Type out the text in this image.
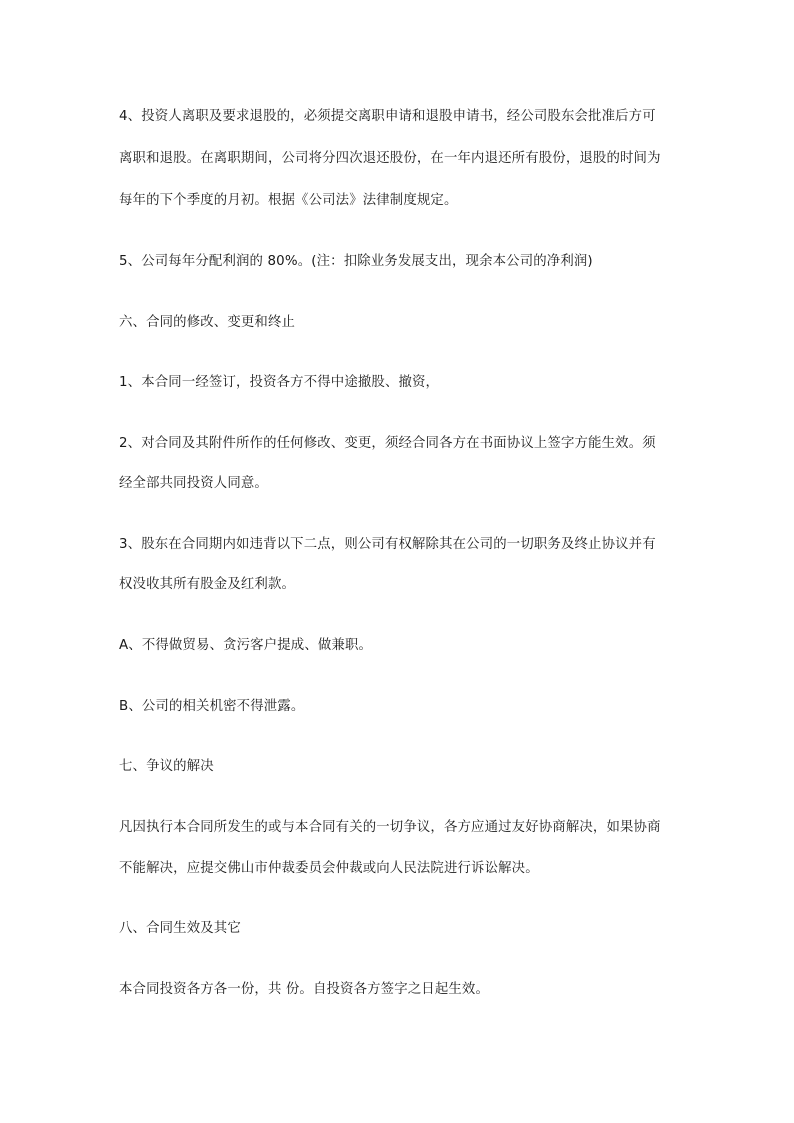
4、投资人离职及要求退股的，必须提交离职申请和退股申请书，经公司股东会批准后方可
离职和退股。在离职期间，公司将分四次退还股份，在一年内退还所有股份，退股的时间为
每年的下个季度的月初。根据《公司法》法律制度规定。
5、公司每年分配利润的 80%。(注：扣除业务发展支出，现余本公司的净利润)
六、合同的修改、变更和终止
1、本合同一经签订，投资各方不得中途撤股、撤资，
2、对合同及其附件所作的任何修改、变更，须经合同各方在书面协议上签字方能生效。须
经全部共同投资人同意。
3、股东在合同期内如违背以下二点，则公司有权解除其在公司的一切职务及终止协议并有
权没收其所有股金及红利款。
A、不得做贸易、贪污客户提成、做兼职。
B、公司的相关机密不得泄露。
七、争议的解决
凡因执行本合同所发生的或与本合同有关的一切争议，各方应通过友好协商解决，如果协商
不能解决，应提交佛山市仲裁委员会仲裁或向人民法院进行诉讼解决。
八、合同生效及其它
本合同投资各方各一份，共 份。自投资各方签字之日起生效。
